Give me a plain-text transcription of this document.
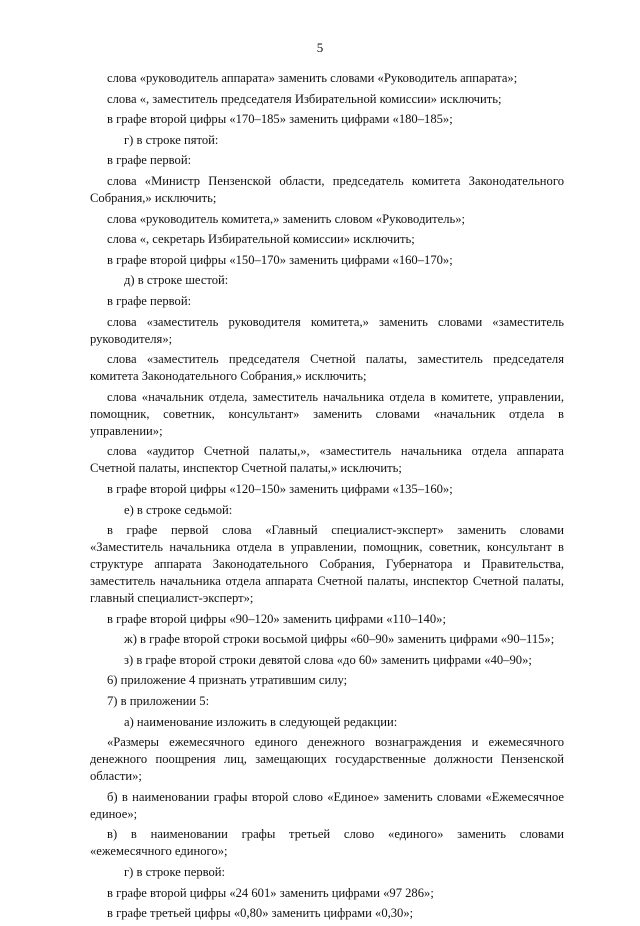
5

слова «руководитель аппарата» заменить словами «Руководитель аппарата»;

слова «, заместитель председателя Избирательной комиссии» исключить;

в графе второй цифры «170–185» заменить цифрами «180–185»;

г) в строке пятой:

в графе первой:

слова «Министр Пензенской области, председатель комитета Законодательного Собрания,» исключить;

слова «руководитель комитета,» заменить словом «Руководитель»;

слова «, секретарь Избирательной комиссии» исключить;

в графе второй цифры «150–170» заменить цифрами «160–170»;

д) в строке шестой:

в графе первой:

слова «заместитель руководителя комитета,» заменить словами «заместитель руководителя»;

слова «заместитель председателя Счетной палаты, заместитель председателя комитета Законодательного Собрания,» исключить;

слова «начальник отдела, заместитель начальника отдела в комитете, управлении, помощник, советник, консультант» заменить словами «начальник отдела в управлении»;

слова «аудитор Счетной палаты,», «заместитель начальника отдела аппарата Счетной палаты, инспектор Счетной палаты,» исключить;

в графе второй цифры «120–150» заменить цифрами «135–160»;

е) в строке седьмой:

в графе первой слова «Главный специалист-эксперт» заменить словами «Заместитель начальника отдела в управлении, помощник, советник, консультант в структуре аппарата Законодательного Собрания, Губернатора и Правительства, заместитель начальника отдела аппарата Счетной палаты, инспектор Счетной палаты, главный специалист-эксперт»;

в графе второй цифры «90–120» заменить цифрами «110–140»;

ж) в графе второй строки восьмой цифры «60–90» заменить цифрами «90–115»;

з) в графе второй строки девятой слова «до 60» заменить цифрами «40–90»;

6) приложение 4 признать утратившим силу;

7) в приложении 5:

а) наименование изложить в следующей редакции:

«Размеры ежемесячного единого денежного вознаграждения и ежемесячного денежного поощрения лиц, замещающих государственные должности Пензенской области»;

б) в наименовании графы второй слово «Единое» заменить словами «Ежемесячное единое»;

в) в наименовании графы третьей слово «единого» заменить словами «ежемесячного единого»;

г) в строке первой:

в графе второй цифры «24 601» заменить цифрами «97 286»;

в графе третьей цифры «0,80» заменить цифрами «0,30»;
